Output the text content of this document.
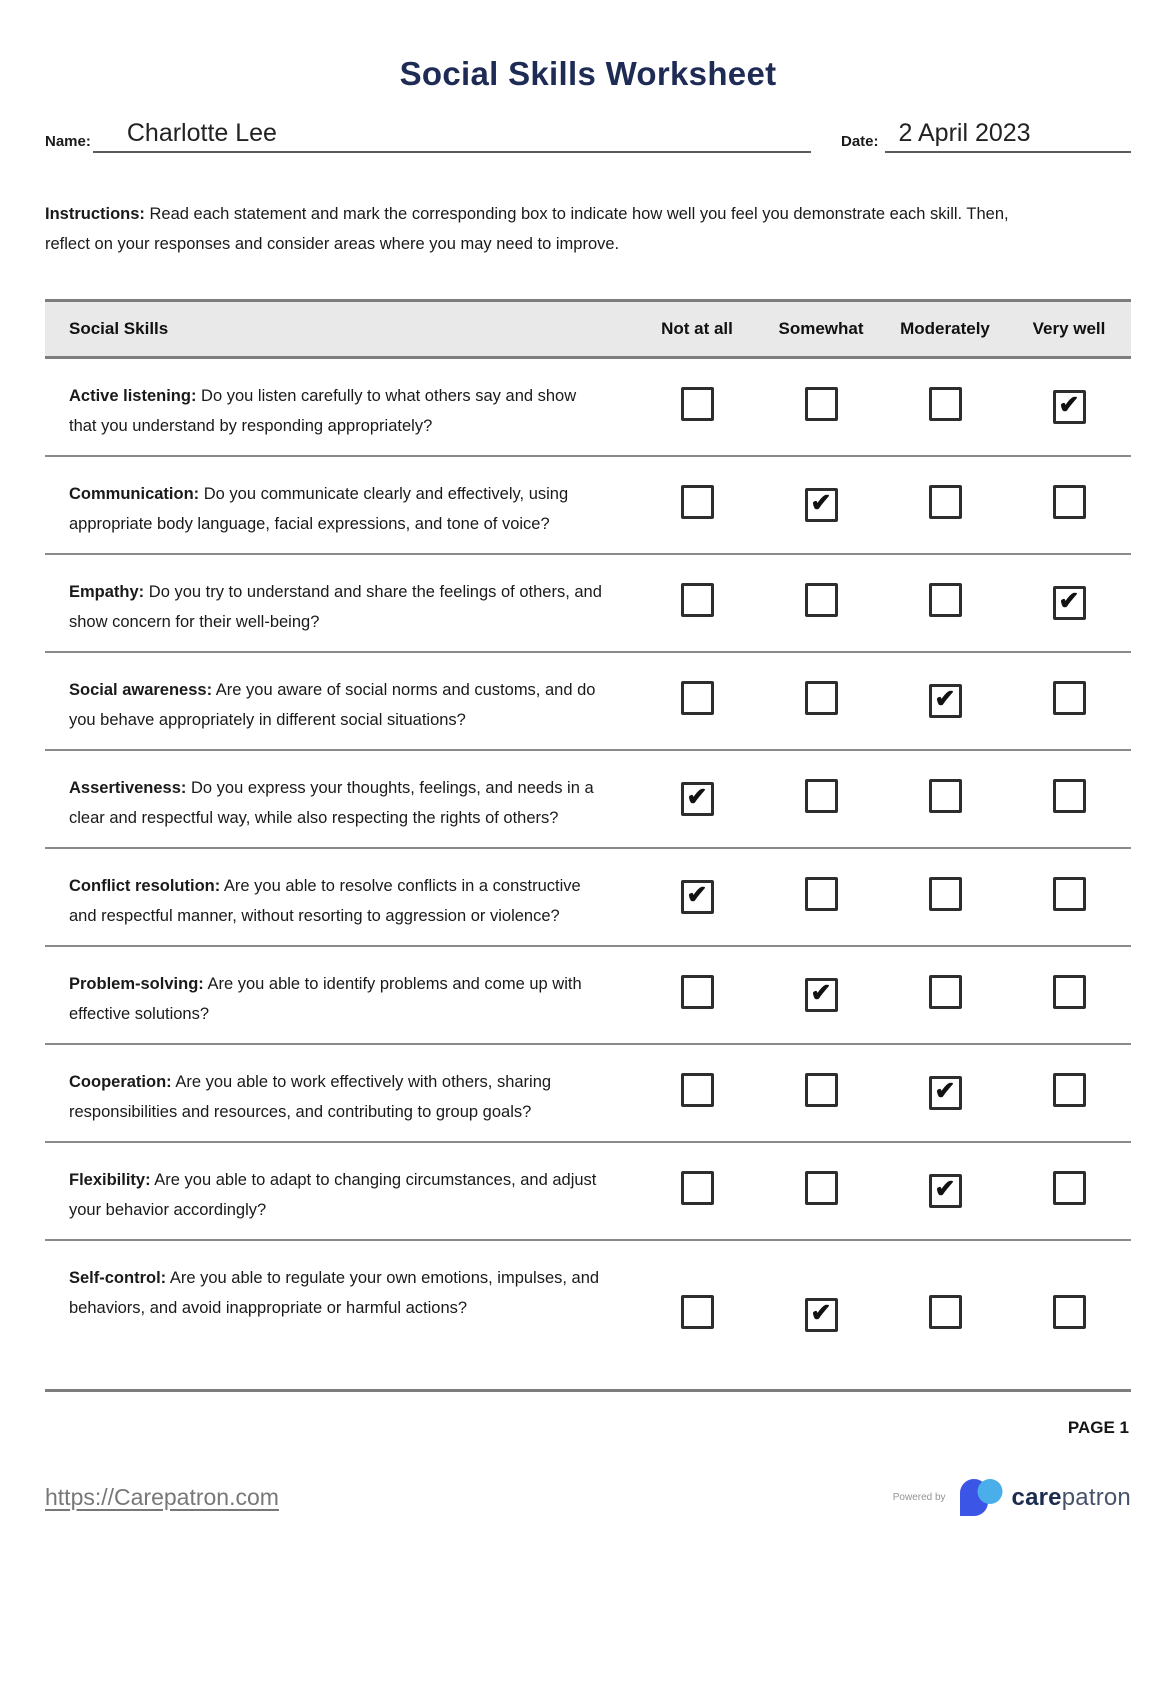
Social Skills Worksheet
Name:	Charlotte Lee	Date: 2 April 2023

Instructions: Read each statement and mark the corresponding box to indicate how well you feel you demonstrate each skill. Then, reflect on your responses and consider areas where you may need to improve.

Social Skills	Not at all	Somewhat	Moderately	Very well
Active listening: Do you listen carefully to what others say and show that you understand by responding appropriately?				✔

Communication: Do you communicate clearly and effectively, using appropriate body language, facial expressions, and tone of voice?		✔		

Empathy: Do you try to understand and share the feelings of others, and show concern for their well-being?				✔

Social awareness: Are you aware of social norms and customs, and do you behave appropriately in different social situations?			✔	

Assertiveness: Do you express your thoughts, feelings, and needs in a clear and respectful way, while also respecting the rights of others?	✔			

Conflict resolution: Are you able to resolve conflicts in a constructive and respectful manner, without resorting to aggression or violence?	✔			

Problem-solving: Are you able to identify problems and come up with effective solutions?		✔		

Cooperation: Are you able to work effectively with others, sharing responsibilities and resources, and contributing to group goals?			✔	

Flexibility: Are you able to adapt to changing circumstances, and adjust your behavior accordingly?			✔	

Self-control: Are you able to regulate your own emotions, impulses, and behaviors, and avoid inappropriate or harmful actions?		✔		

PAGE 1
https://Carepatron.com	Powered by	carepatron
